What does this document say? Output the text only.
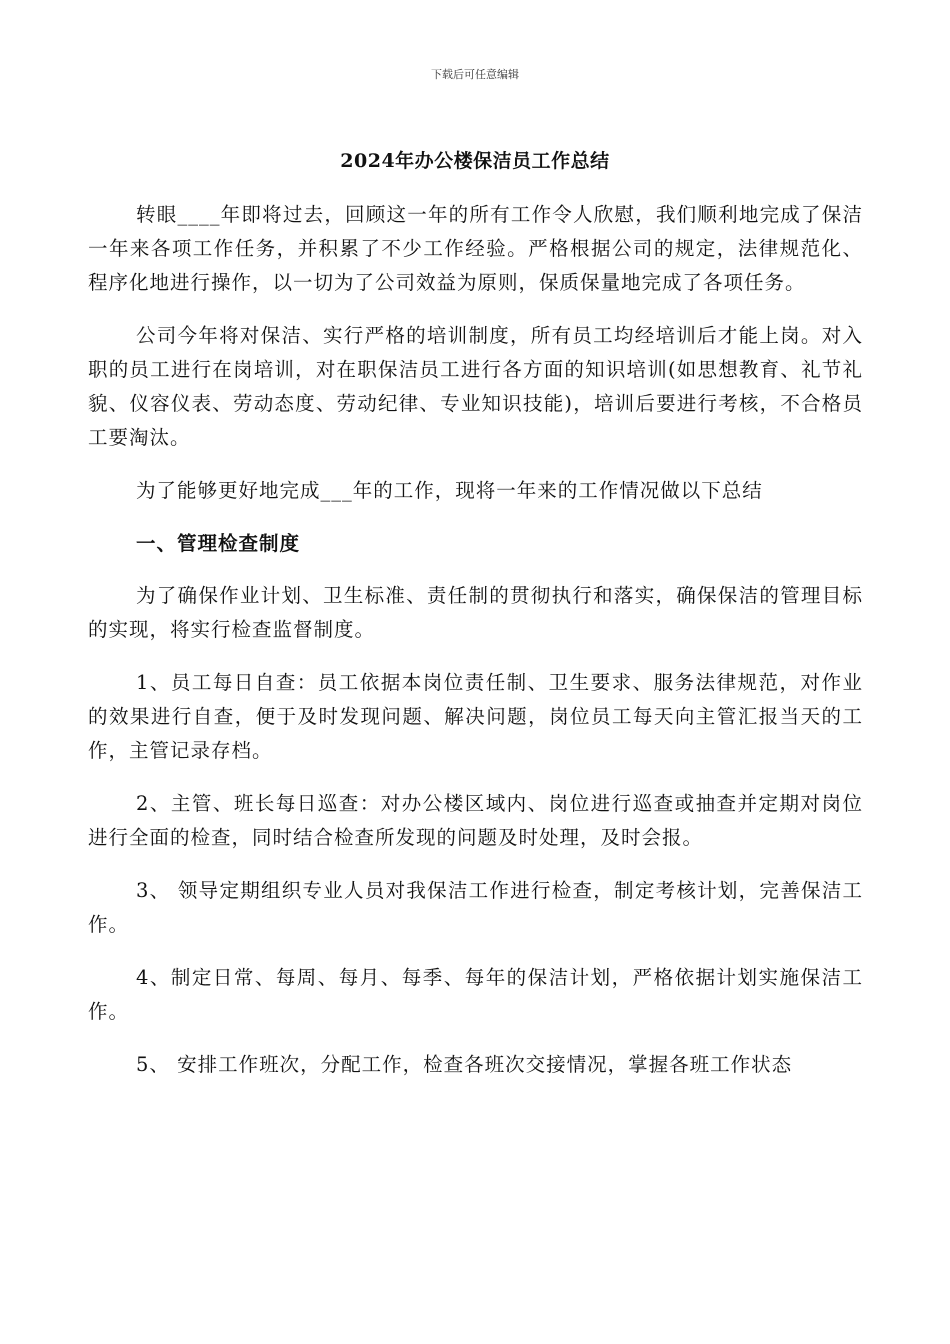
下载后可任意编辑
2024年办公楼保洁员工作总结

转眼____年即将过去，回顾这一年的所有工作令人欣慰，我们顺利地完成了保洁一年来各项工作任务，并积累了不少工作经验。严格根据公司的规定，法律规范化、程序化地进行操作，以一切为了公司效益为原则，保质保量地完成了各项任务。

公司今年将对保洁、实行严格的培训制度，所有员工均经培训后才能上岗。对入职的员工进行在岗培训，对在职保洁员工进行各方面的知识培训(如思想教育、礼节礼貌、仪容仪表、劳动态度、劳动纪律、专业知识技能)，培训后要进行考核，不合格员工要淘汰。

为了能够更好地完成___年的工作，现将一年来的工作情况做以下总结

一、管理检查制度

为了确保作业计划、卫生标准、责任制的贯彻执行和落实，确保保洁的管理目标的实现，将实行检查监督制度。

1、员工每日自查：员工依据本岗位责任制、卫生要求、服务法律规范，对作业的效果进行自查，便于及时发现问题、解决问题，岗位员工每天向主管汇报当天的工作，主管记录存档。

2、主管、班长每日巡查：对办公楼区域内、岗位进行巡查或抽查并定期对岗位进行全面的检查，同时结合检查所发现的问题及时处理，及时会报。

3、 领导定期组织专业人员对我保洁工作进行检查，制定考核计划，完善保洁工作。

4、制定日常、每周、每月、每季、每年的保洁计划，严格依据计划实施保洁工作。

5、 安排工作班次，分配工作，检查各班次交接情况，掌握各班工作状态
